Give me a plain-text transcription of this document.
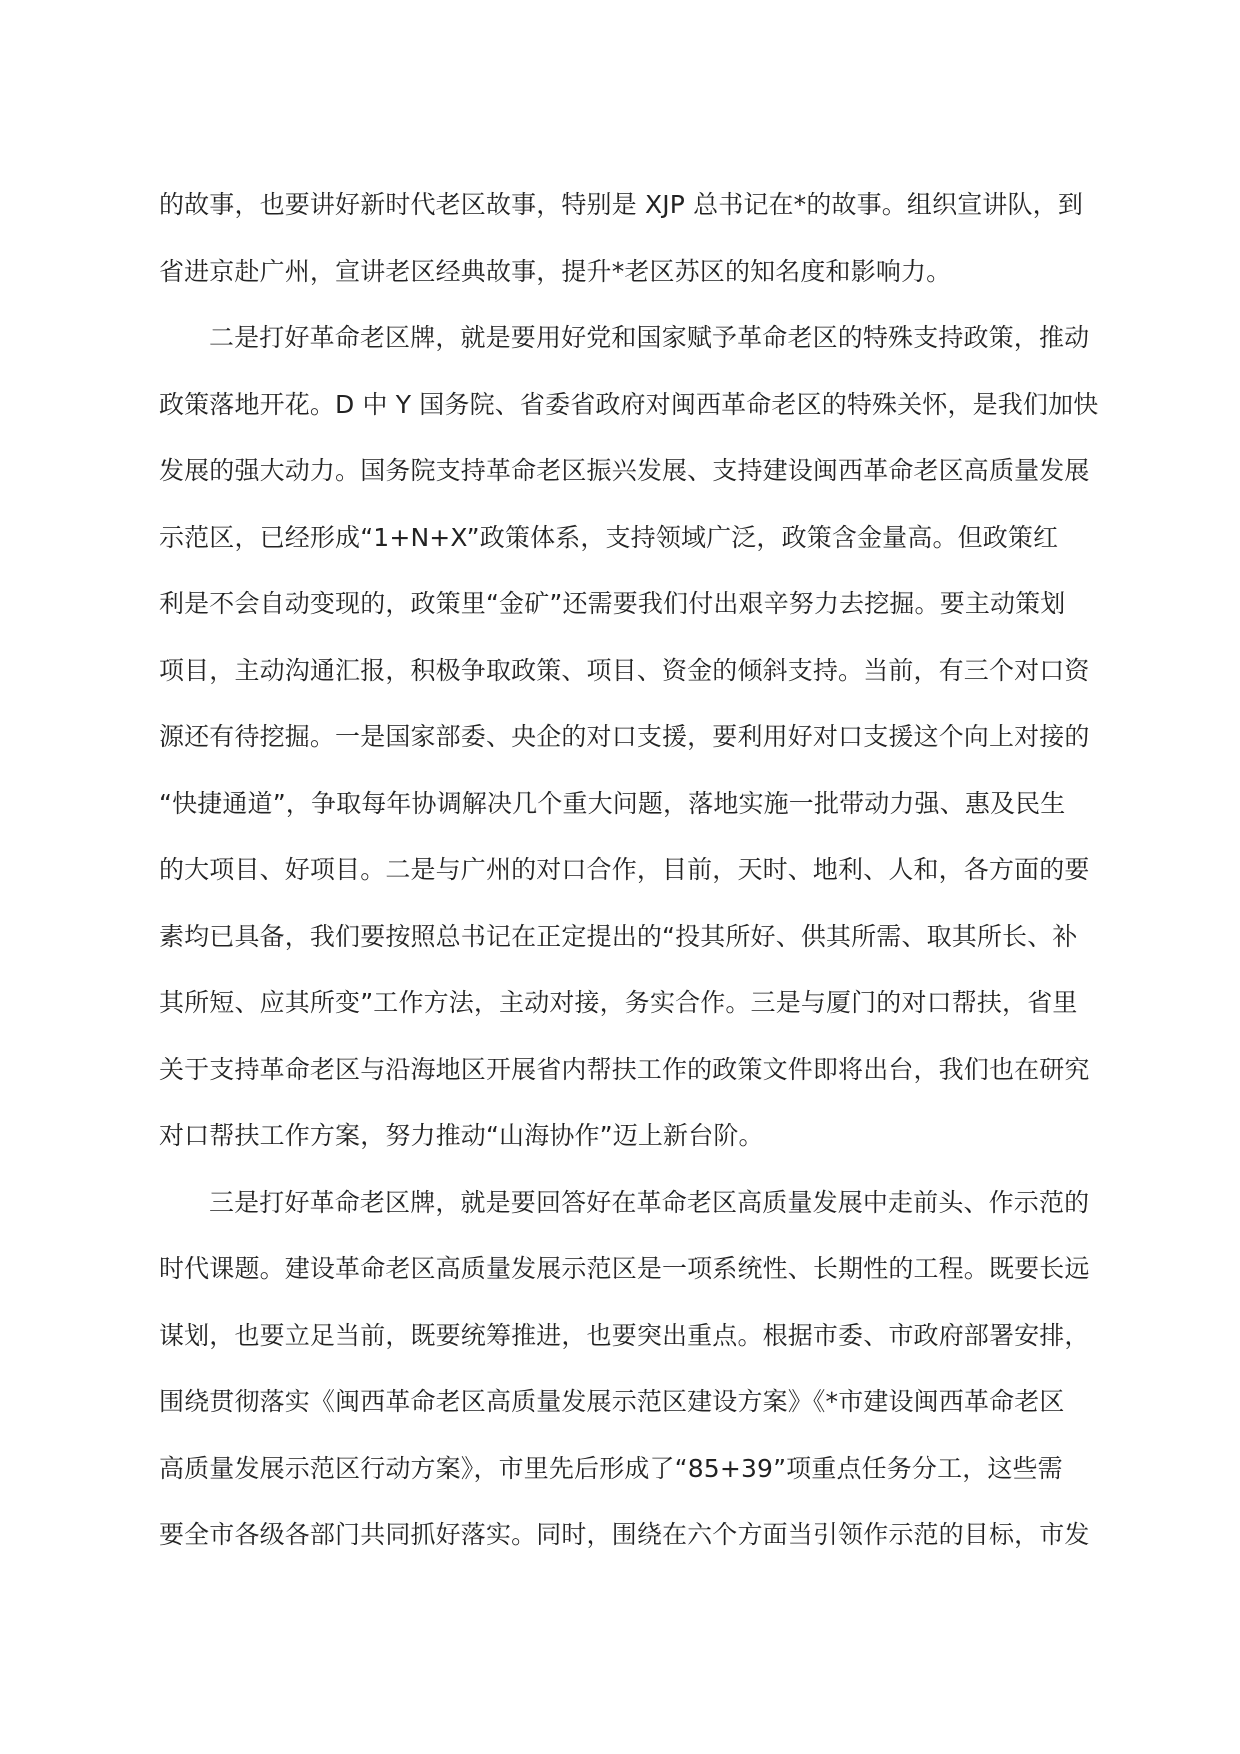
的故事，也要讲好新时代老区故事，特别是 XJP 总书记在*的故事。组织宣讲队，到
省进京赴广州，宣讲老区经典故事，提升*老区苏区的知名度和影响力。
二是打好革命老区牌，就是要用好党和国家赋予革命老区的特殊支持政策，推动
政策落地开花。D 中 Y 国务院、省委省政府对闽西革命老区的特殊关怀，是我们加快
发展的强大动力。国务院支持革命老区振兴发展、支持建设闽西革命老区高质量发展
示范区，已经形成“1+N+X”政策体系，支持领域广泛，政策含金量高。但政策红
利是不会自动变现的，政策里“金矿”还需要我们付出艰辛努力去挖掘。要主动策划
项目，主动沟通汇报，积极争取政策、项目、资金的倾斜支持。当前，有三个对口资
源还有待挖掘。一是国家部委、央企的对口支援，要利用好对口支援这个向上对接的
“快捷通道”，争取每年协调解决几个重大问题，落地实施一批带动力强、惠及民生
的大项目、好项目。二是与广州的对口合作，目前，天时、地利、人和，各方面的要
素均已具备，我们要按照总书记在正定提出的“投其所好、供其所需、取其所长、补
其所短、应其所变”工作方法，主动对接，务实合作。三是与厦门的对口帮扶，省里
关于支持革命老区与沿海地区开展省内帮扶工作的政策文件即将出台，我们也在研究
对口帮扶工作方案，努力推动“山海协作”迈上新台阶。
三是打好革命老区牌，就是要回答好在革命老区高质量发展中走前头、作示范的
时代课题。建设革命老区高质量发展示范区是一项系统性、长期性的工程。既要长远
谋划，也要立足当前，既要统筹推进，也要突出重点。根据市委、市政府部署安排，
围绕贯彻落实《闽西革命老区高质量发展示范区建设方案》《*市建设闽西革命老区
高质量发展示范区行动方案》，市里先后形成了“85+39”项重点任务分工，这些需
要全市各级各部门共同抓好落实。同时，围绕在六个方面当引领作示范的目标，市发
